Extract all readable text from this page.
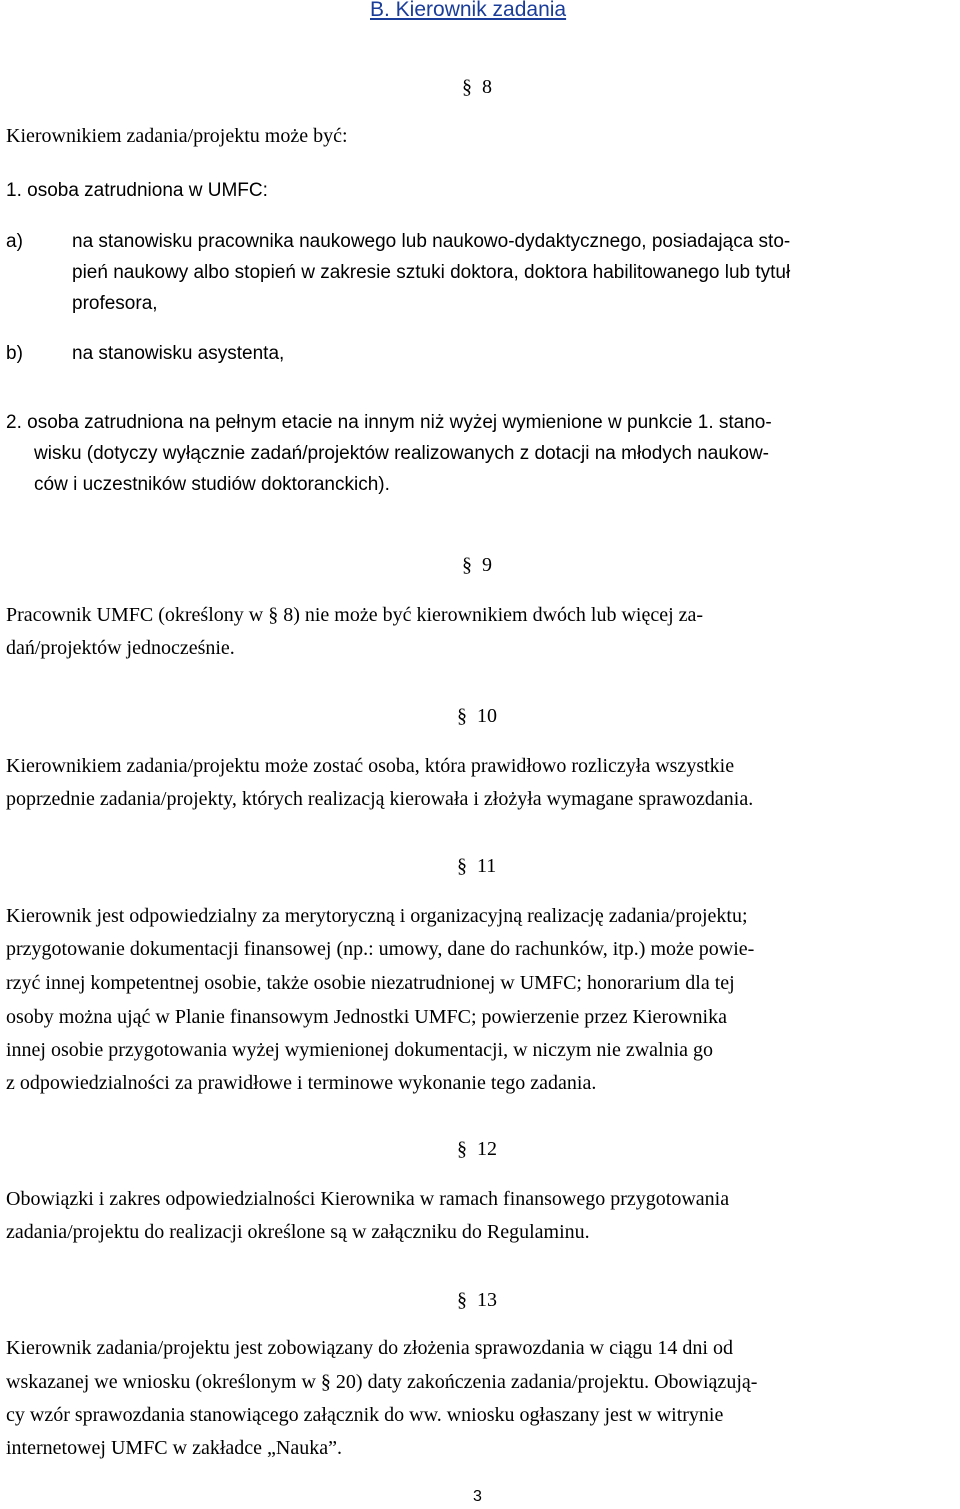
B. Kierownik zadania
§ 8
Kierownikiem zadania/projektu może być:
1. osoba zatrudniona w UMFC:
a)	na stanowisku pracownika naukowego lub naukowo-dydaktycznego, posiadająca sto-
pień naukowy albo stopień w zakresie sztuki doktora, doktora habilitowanego lub tytuł
profesora,
b)	na stanowisku asystenta,
2. osoba zatrudniona na pełnym etacie na innym niż wyżej wymienione w punkcie 1. stano-
wisku (dotyczy wyłącznie zadań/projektów realizowanych z dotacji na młodych naukow-
ców i uczestników studiów doktoranckich).
§ 9
Pracownik UMFC (określony w § 8) nie może być kierownikiem dwóch lub więcej za-
dań/projektów jednocześnie.
§ 10
Kierownikiem zadania/projektu może zostać osoba, która prawidłowo rozliczyła wszystkie
poprzednie zadania/projekty, których realizacją kierowała i złożyła wymagane sprawozdania.
§ 11
Kierownik jest odpowiedzialny za merytoryczną i organizacyjną realizację zadania/projektu;
przygotowanie dokumentacji finansowej (np.: umowy, dane do rachunków, itp.) może powie-
rzyć innej kompetentnej osobie, także osobie niezatrudnionej w UMFC; honorarium dla tej
osoby można ująć w Planie finansowym Jednostki UMFC; powierzenie przez Kierownika
innej osobie przygotowania wyżej wymienionej dokumentacji, w niczym nie zwalnia go
z odpowiedzialności za prawidłowe i terminowe wykonanie tego zadania.
§ 12
Obowiązki i zakres odpowiedzialności Kierownika w ramach finansowego przygotowania
zadania/projektu do realizacji określone są w załączniku do Regulaminu.
§ 13
Kierownik zadania/projektu jest zobowiązany do złożenia sprawozdania w ciągu 14 dni od
wskazanej we wniosku (określonym w § 20) daty zakończenia zadania/projektu. Obowiązują-
cy wzór sprawozdania stanowiącego załącznik do ww. wniosku ogłaszany jest w witrynie
internetowej UMFC w zakładce „Nauka”.
3
